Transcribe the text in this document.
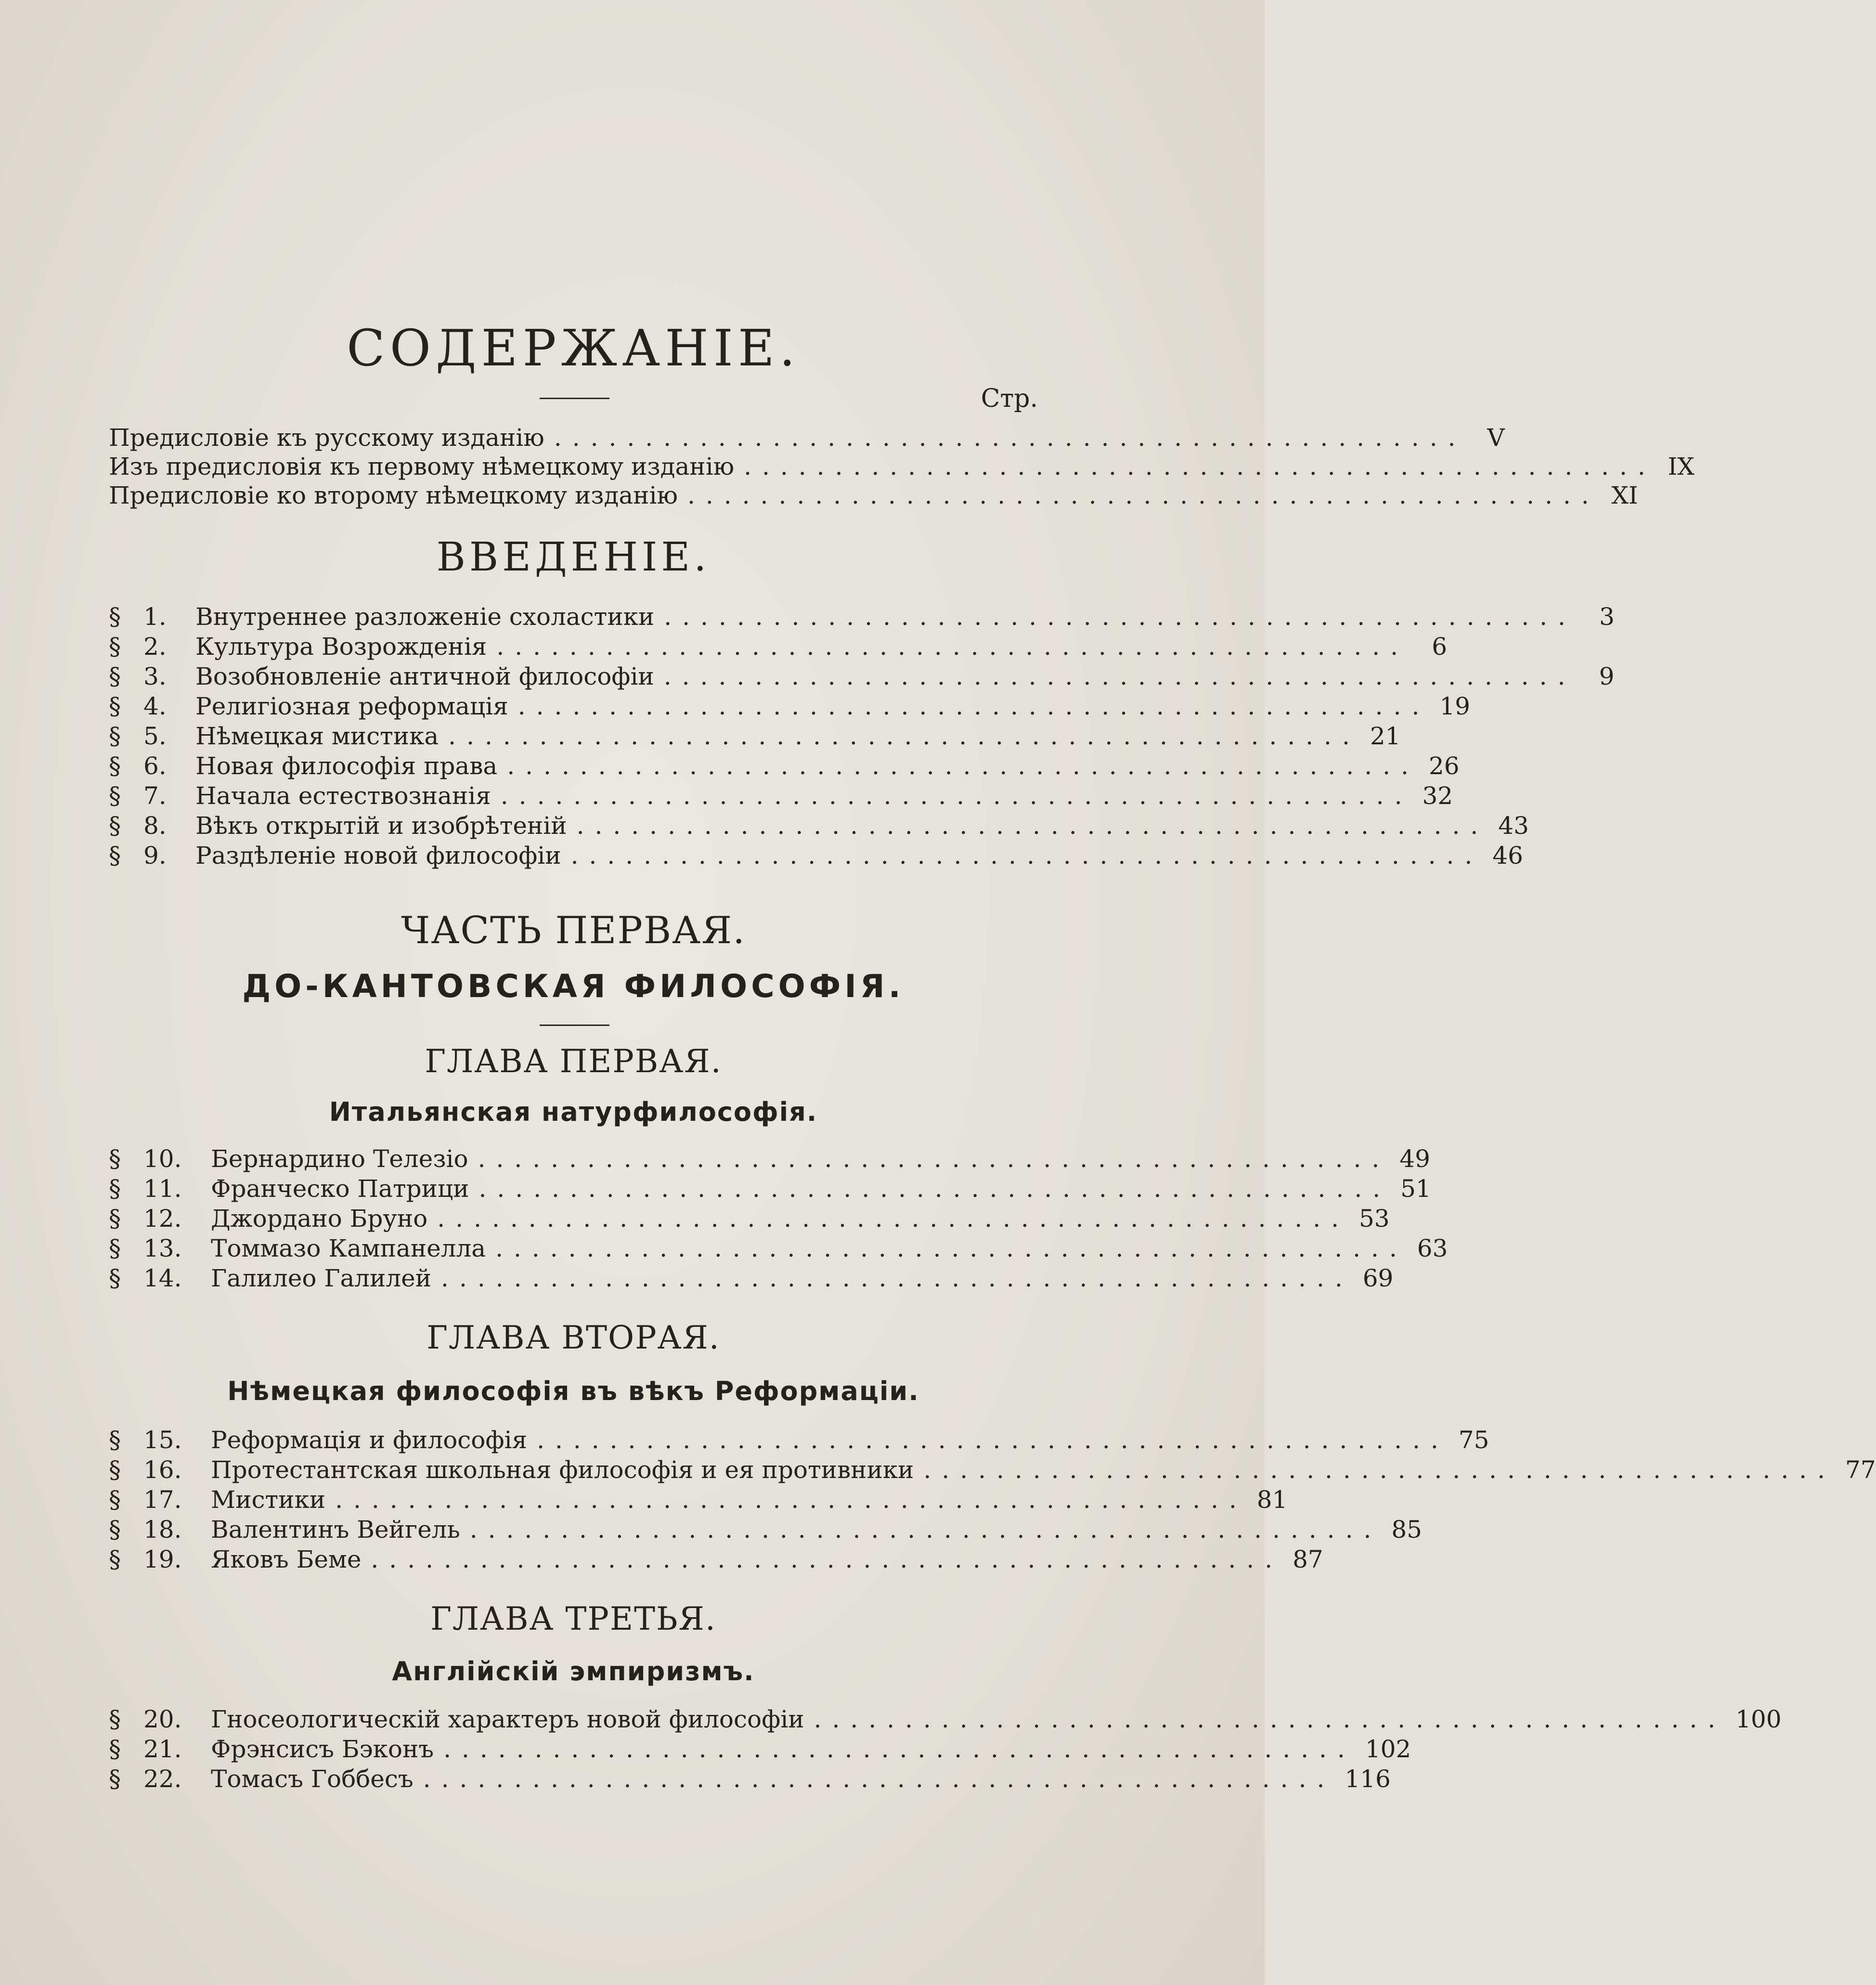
СОДЕРЖАНІЕ.
Стр.
Предисловіе къ русскому изданію .................................................. V
Изъ предисловія къ первому нѣмецкому изданію .................................................. IX
Предисловіе ко второму нѣмецкому изданію .................................................. XI
ВВЕДЕНІЕ.
§ 1.	Внутреннее разложеніе схоластики .................................................. 3
§ 2.	Культура Возрожденія .................................................. 6
§ 3.	Возобновленіе античной философіи .................................................. 9
§ 4.	Религіозная реформація .................................................. 19
§ 5.	Нѣмецкая мистика .................................................. 21
§ 6.	Новая философія права .................................................. 26
§ 7.	Начала естествознанія .................................................. 32
§ 8.	Вѣкъ открытій и изобрѣтеній .................................................. 43
§ 9.	Раздѣленіе новой философіи .................................................. 46
ЧАСТЬ ПЕРВАЯ.
ДО-КАНТОВСКАЯ ФИЛОСОФІЯ.
ГЛАВА ПЕРВАЯ.
Итальянская натурфилософія.
§ 10.	Бернардино Телезіо .................................................. 49
§ 11.	Франческо Патрици .................................................. 51
§ 12.	Джордано Бруно .................................................. 53
§ 13.	Томмазо Кампанелла .................................................. 63
§ 14.	Галилео Галилей .................................................. 69
ГЛАВА ВТОРАЯ.
Нѣмецкая философія въ вѣкъ Реформаціи.
§ 15.	Реформація и философія .................................................. 75
§ 16.	Протестантская школьная философія и ея противники .................................................. 77
§ 17.	Мистики .................................................. 81
§ 18.	Валентинъ Вейгель .................................................. 85
§ 19.	Яковъ Беме .................................................. 87
ГЛАВА ТРЕТЬЯ.
Англійскій эмпиризмъ.
§ 20.	Гносеологическій характеръ новой философіи .................................................. 100
§ 21.	Фрэнсисъ Бэконъ .................................................. 102
§ 22.	Томасъ Гоббесъ .................................................. 116
